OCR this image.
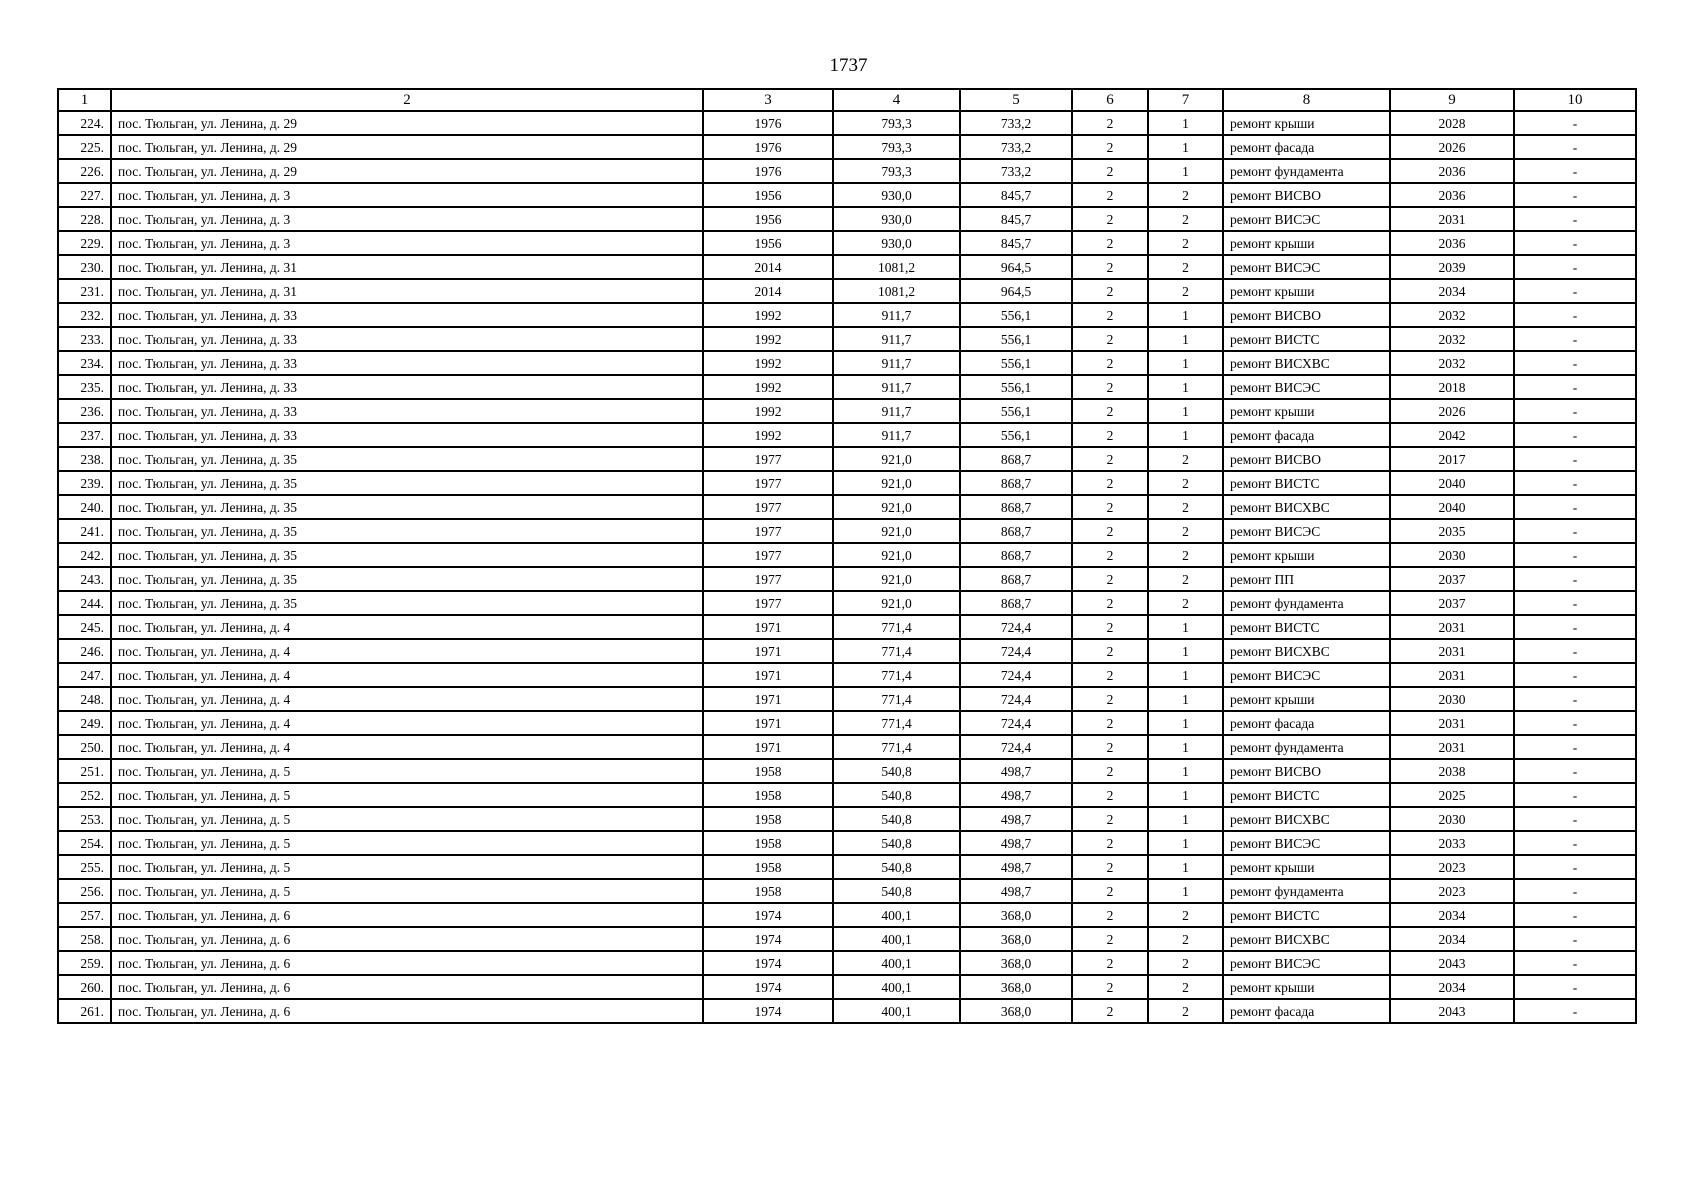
1737
1	2	3	4	5	6	7	8	9	10
224.	пос. Тюльган, ул. Ленина, д. 29	1976	793,3	733,2	2	1	ремонт крыши	2028	-
225.	пос. Тюльган, ул. Ленина, д. 29	1976	793,3	733,2	2	1	ремонт фасада	2026	-
226.	пос. Тюльган, ул. Ленина, д. 29	1976	793,3	733,2	2	1	ремонт фундамента	2036	-
227.	пос. Тюльган, ул. Ленина, д. 3	1956	930,0	845,7	2	2	ремонт ВИСВО	2036	-
228.	пос. Тюльган, ул. Ленина, д. 3	1956	930,0	845,7	2	2	ремонт ВИСЭС	2031	-
229.	пос. Тюльган, ул. Ленина, д. 3	1956	930,0	845,7	2	2	ремонт крыши	2036	-
230.	пос. Тюльган, ул. Ленина, д. 31	2014	1081,2	964,5	2	2	ремонт ВИСЭС	2039	-
231.	пос. Тюльган, ул. Ленина, д. 31	2014	1081,2	964,5	2	2	ремонт крыши	2034	-
232.	пос. Тюльган, ул. Ленина, д. 33	1992	911,7	556,1	2	1	ремонт ВИСВО	2032	-
233.	пос. Тюльган, ул. Ленина, д. 33	1992	911,7	556,1	2	1	ремонт ВИСТС	2032	-
234.	пос. Тюльган, ул. Ленина, д. 33	1992	911,7	556,1	2	1	ремонт ВИСХВС	2032	-
235.	пос. Тюльган, ул. Ленина, д. 33	1992	911,7	556,1	2	1	ремонт ВИСЭС	2018	-
236.	пос. Тюльган, ул. Ленина, д. 33	1992	911,7	556,1	2	1	ремонт крыши	2026	-
237.	пос. Тюльган, ул. Ленина, д. 33	1992	911,7	556,1	2	1	ремонт фасада	2042	-
238.	пос. Тюльган, ул. Ленина, д. 35	1977	921,0	868,7	2	2	ремонт ВИСВО	2017	-
239.	пос. Тюльган, ул. Ленина, д. 35	1977	921,0	868,7	2	2	ремонт ВИСТС	2040	-
240.	пос. Тюльган, ул. Ленина, д. 35	1977	921,0	868,7	2	2	ремонт ВИСХВС	2040	-
241.	пос. Тюльган, ул. Ленина, д. 35	1977	921,0	868,7	2	2	ремонт ВИСЭС	2035	-
242.	пос. Тюльган, ул. Ленина, д. 35	1977	921,0	868,7	2	2	ремонт крыши	2030	-
243.	пос. Тюльган, ул. Ленина, д. 35	1977	921,0	868,7	2	2	ремонт ПП	2037	-
244.	пос. Тюльган, ул. Ленина, д. 35	1977	921,0	868,7	2	2	ремонт фундамента	2037	-
245.	пос. Тюльган, ул. Ленина, д. 4	1971	771,4	724,4	2	1	ремонт ВИСТС	2031	-
246.	пос. Тюльган, ул. Ленина, д. 4	1971	771,4	724,4	2	1	ремонт ВИСХВС	2031	-
247.	пос. Тюльган, ул. Ленина, д. 4	1971	771,4	724,4	2	1	ремонт ВИСЭС	2031	-
248.	пос. Тюльган, ул. Ленина, д. 4	1971	771,4	724,4	2	1	ремонт крыши	2030	-
249.	пос. Тюльган, ул. Ленина, д. 4	1971	771,4	724,4	2	1	ремонт фасада	2031	-
250.	пос. Тюльган, ул. Ленина, д. 4	1971	771,4	724,4	2	1	ремонт фундамента	2031	-
251.	пос. Тюльган, ул. Ленина, д. 5	1958	540,8	498,7	2	1	ремонт ВИСВО	2038	-
252.	пос. Тюльган, ул. Ленина, д. 5	1958	540,8	498,7	2	1	ремонт ВИСТС	2025	-
253.	пос. Тюльган, ул. Ленина, д. 5	1958	540,8	498,7	2	1	ремонт ВИСХВС	2030	-
254.	пос. Тюльган, ул. Ленина, д. 5	1958	540,8	498,7	2	1	ремонт ВИСЭС	2033	-
255.	пос. Тюльган, ул. Ленина, д. 5	1958	540,8	498,7	2	1	ремонт крыши	2023	-
256.	пос. Тюльган, ул. Ленина, д. 5	1958	540,8	498,7	2	1	ремонт фундамента	2023	-
257.	пос. Тюльган, ул. Ленина, д. 6	1974	400,1	368,0	2	2	ремонт ВИСТС	2034	-
258.	пос. Тюльган, ул. Ленина, д. 6	1974	400,1	368,0	2	2	ремонт ВИСХВС	2034	-
259.	пос. Тюльган, ул. Ленина, д. 6	1974	400,1	368,0	2	2	ремонт ВИСЭС	2043	-
260.	пос. Тюльган, ул. Ленина, д. 6	1974	400,1	368,0	2	2	ремонт крыши	2034	-
261.	пос. Тюльган, ул. Ленина, д. 6	1974	400,1	368,0	2	2	ремонт фасада	2043	-
